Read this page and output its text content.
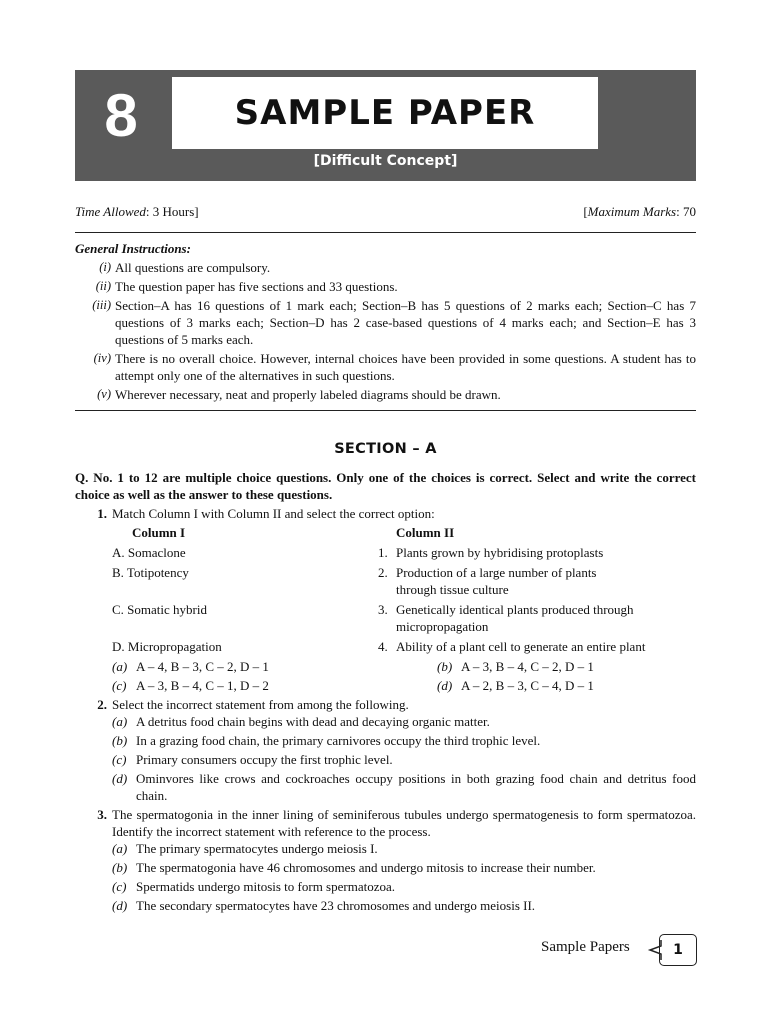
8	SAMPLE PAPER
[Difficult Concept]
Time Allowed: 3 Hours]	[Maximum Marks: 70
General Instructions:
(i) All questions are compulsory.
(ii) The question paper has five sections and 33 questions.
(iii) Section–A has 16 questions of 1 mark each; Section–B has 5 questions of 2 marks each; Section–C has 7 questions of 3 marks each; Section–D has 2 case-based questions of 4 marks each; and Section–E has 3 questions of 5 marks each.
(iv) There is no overall choice. However, internal choices have been provided in some questions. A student has to attempt only one of the alternatives in such questions.
(v) Wherever necessary, neat and properly labeled diagrams should be drawn.
SECTION – A
Q. No. 1 to 12 are multiple choice questions. Only one of the choices is correct. Select and write the correct choice as well as the answer to these questions.
1. Match Column I with Column II and select the correct option:
Column I	Column II
A. Somaclone	1. Plants grown by hybridising protoplasts
B. Totipotency	2. Production of a large number of plants through tissue culture
C. Somatic hybrid	3. Genetically identical plants produced through micropropagation
D. Micropropagation	4. Ability of a plant cell to generate an entire plant
(a) A – 4, B – 3, C – 2, D – 1	(b) A – 3, B – 4, C – 2, D – 1
(c) A – 3, B – 4, C – 1, D – 2	(d) A – 2, B – 3, C – 4, D – 1
2. Select the incorrect statement from among the following.
(a) A detritus food chain begins with dead and decaying organic matter.
(b) In a grazing food chain, the primary carnivores occupy the third trophic level.
(c) Primary consumers occupy the first trophic level.
(d) Ominvores like crows and cockroaches occupy positions in both grazing food chain and detritus food chain.
3. The spermatogonia in the inner lining of seminiferous tubules undergo spermatogenesis to form spermatozoa. Identify the incorrect statement with reference to the process.
(a) The primary spermatocytes undergo meiosis I.
(b) The spermatogonia have 46 chromosomes and undergo mitosis to increase their number.
(c) Spermatids undergo mitosis to form spermatozoa.
(d) The secondary spermatocytes have 23 chromosomes and undergo meiosis II.
Sample Papers	1
